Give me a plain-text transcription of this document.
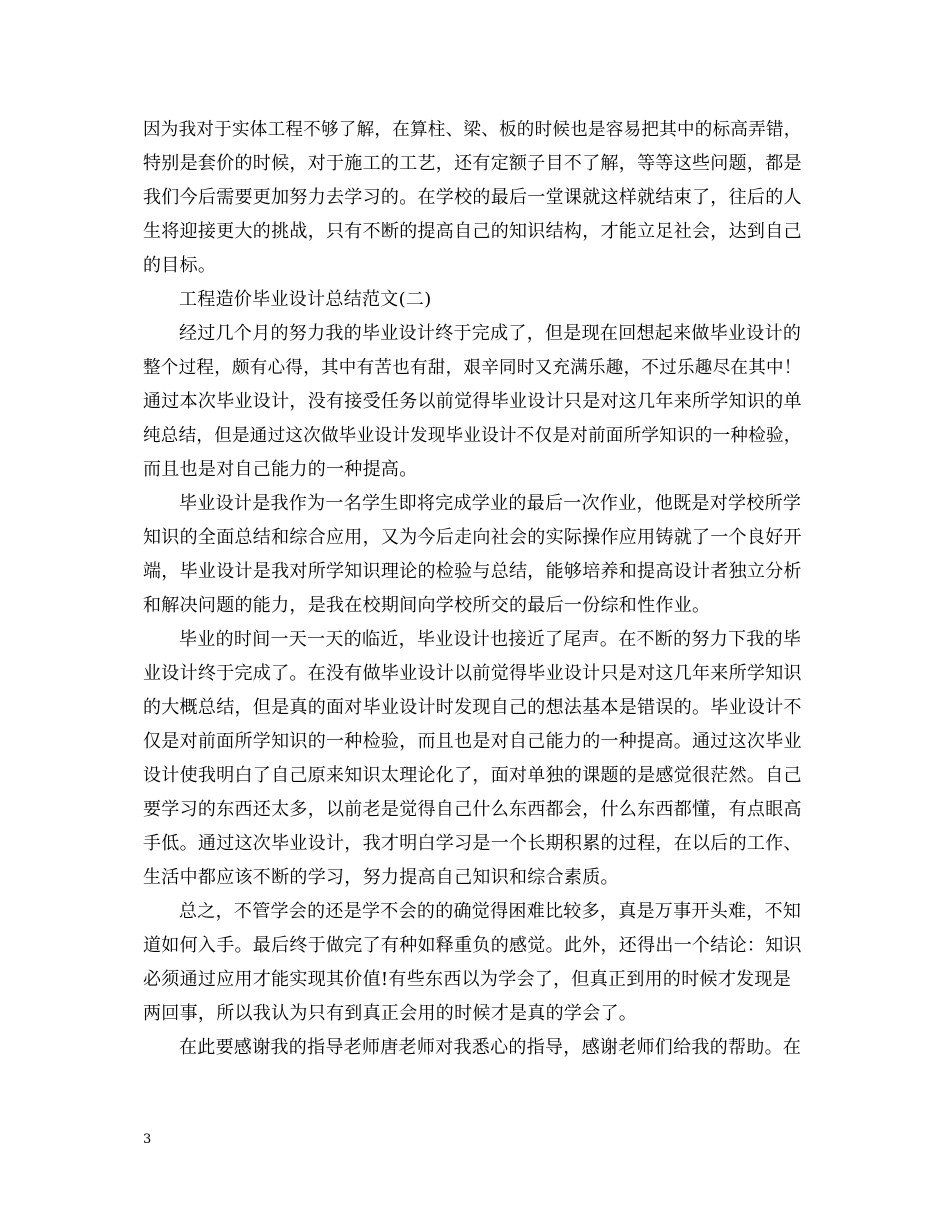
因为我对于实体工程不够了解，在算柱、梁、板的时候也是容易把其中的标高弄错，
特别是套价的时候，对于施工的工艺，还有定额子目不了解，等等这些问题，都是
我们今后需要更加努力去学习的。在学校的最后一堂课就这样就结束了，往后的人
生将迎接更大的挑战，只有不断的提高自己的知识结构，才能立足社会，达到自己
的目标。
工程造价毕业设计总结范文(二)
经过几个月的努力我的毕业设计终于完成了，但是现在回想起来做毕业设计的
整个过程，颇有心得，其中有苦也有甜，艰辛同时又充满乐趣，不过乐趣尽在其中！
通过本次毕业设计，没有接受任务以前觉得毕业设计只是对这几年来所学知识的单
纯总结，但是通过这次做毕业设计发现毕业设计不仅是对前面所学知识的一种检验，
而且也是对自己能力的一种提高。
毕业设计是我作为一名学生即将完成学业的最后一次作业，他既是对学校所学
知识的全面总结和综合应用，又为今后走向社会的实际操作应用铸就了一个良好开
端，毕业设计是我对所学知识理论的检验与总结，能够培养和提高设计者独立分析
和解决问题的能力，是我在校期间向学校所交的最后一份综和性作业。
毕业的时间一天一天的临近，毕业设计也接近了尾声。在不断的努力下我的毕
业设计终于完成了。在没有做毕业设计以前觉得毕业设计只是对这几年来所学知识
的大概总结，但是真的面对毕业设计时发现自己的想法基本是错误的。毕业设计不
仅是对前面所学知识的一种检验，而且也是对自己能力的一种提高。通过这次毕业
设计使我明白了自己原来知识太理论化了，面对单独的课题的是感觉很茫然。自己
要学习的东西还太多，以前老是觉得自己什么东西都会，什么东西都懂，有点眼高
手低。通过这次毕业设计，我才明白学习是一个长期积累的过程，在以后的工作、
生活中都应该不断的学习，努力提高自己知识和综合素质。
总之，不管学会的还是学不会的的确觉得困难比较多，真是万事开头难，不知
道如何入手。最后终于做完了有种如释重负的感觉。此外，还得出一个结论：知识
必须通过应用才能实现其价值!有些东西以为学会了，但真正到用的时候才发现是
两回事，所以我认为只有到真正会用的时候才是真的学会了。
在此要感谢我的指导老师唐老师对我悉心的指导，感谢老师们给我的帮助。在
3
